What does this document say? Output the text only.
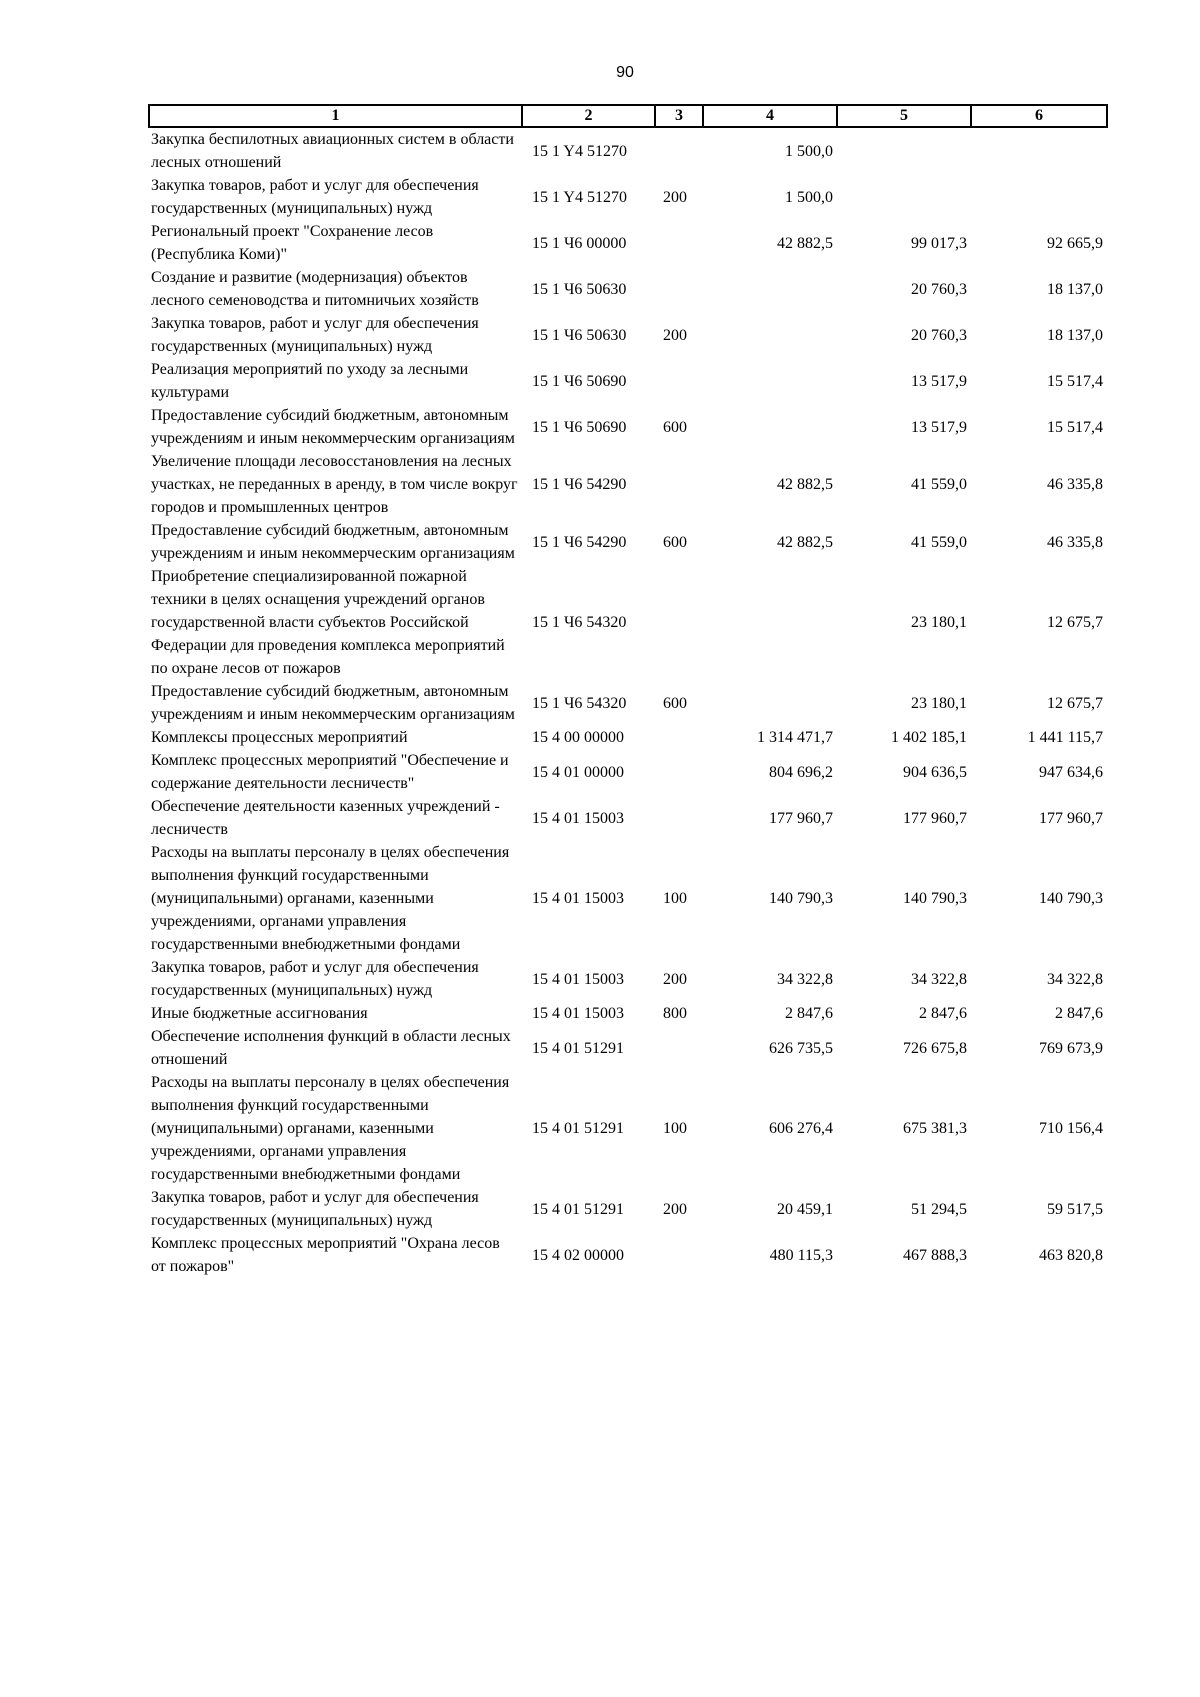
90
1	2	3	4	5	6
Закупка беспилотных авиационных систем в области лесных отношений	15 1 Y4 51270		1 500,0		
Закупка товаров, работ и услуг для обеспечения государственных (муниципальных) нужд	15 1 Y4 51270	200	1 500,0		
Региональный проект "Сохранение лесов (Республика Коми)"	15 1 Ч6 00000		42 882,5	99 017,3	92 665,9
Создание и развитие (модернизация) объектов лесного семеноводства и питомничьих хозяйств	15 1 Ч6 50630			20 760,3	18 137,0
Закупка товаров, работ и услуг для обеспечения государственных (муниципальных) нужд	15 1 Ч6 50630	200		20 760,3	18 137,0
Реализация мероприятий по уходу за лесными культурами	15 1 Ч6 50690			13 517,9	15 517,4
Предоставление субсидий бюджетным, автономным учреждениям и иным некоммерческим организациям	15 1 Ч6 50690	600		13 517,9	15 517,4
Увеличение площади лесовосстановления на лесных участках, не переданных в аренду, в том числе вокруг городов и промышленных центров	15 1 Ч6 54290		42 882,5	41 559,0	46 335,8
Предоставление субсидий бюджетным, автономным учреждениям и иным некоммерческим организациям	15 1 Ч6 54290	600	42 882,5	41 559,0	46 335,8
Приобретение специализированной пожарной техники в целях оснащения учреждений органов государственной власти субъектов Российской Федерации для проведения комплекса мероприятий по охране лесов от пожаров	15 1 Ч6 54320			23 180,1	12 675,7
Предоставление субсидий бюджетным, автономным учреждениям и иным некоммерческим организациям	15 1 Ч6 54320	600		23 180,1	12 675,7
Комплексы процессных мероприятий	15 4 00 00000		1 314 471,7	1 402 185,1	1 441 115,7
Комплекс процессных мероприятий "Обеспечение и содержание деятельности лесничеств"	15 4 01 00000		804 696,2	904 636,5	947 634,6
Обеспечение деятельности казенных учреждений - лесничеств	15 4 01 15003		177 960,7	177 960,7	177 960,7
Расходы на выплаты персоналу в целях обеспечения выполнения функций государственными (муниципальными) органами, казенными учреждениями, органами управления государственными внебюджетными фондами	15 4 01 15003	100	140 790,3	140 790,3	140 790,3
Закупка товаров, работ и услуг для обеспечения государственных (муниципальных) нужд	15 4 01 15003	200	34 322,8	34 322,8	34 322,8
Иные бюджетные ассигнования	15 4 01 15003	800	2 847,6	2 847,6	2 847,6
Обеспечение исполнения функций в области лесных отношений	15 4 01 51291		626 735,5	726 675,8	769 673,9
Расходы на выплаты персоналу в целях обеспечения выполнения функций государственными (муниципальными) органами, казенными учреждениями, органами управления государственными внебюджетными фондами	15 4 01 51291	100	606 276,4	675 381,3	710 156,4
Закупка товаров, работ и услуг для обеспечения государственных (муниципальных) нужд	15 4 01 51291	200	20 459,1	51 294,5	59 517,5
Комплекс процессных мероприятий "Охрана лесов от пожаров"	15 4 02 00000		480 115,3	467 888,3	463 820,8
